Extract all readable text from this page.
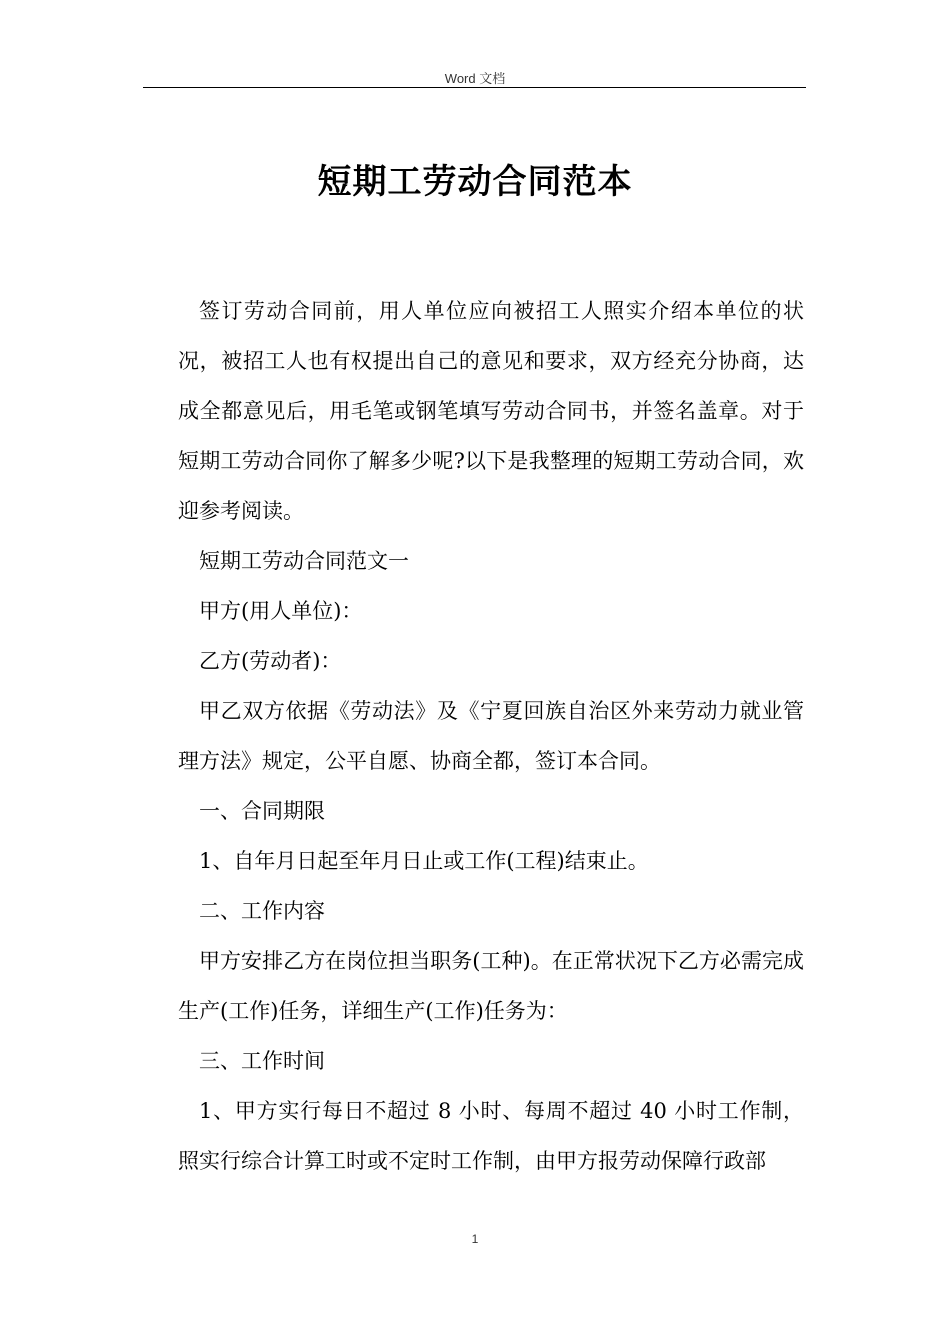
Word 文档
短期工劳动合同范本

签订劳动合同前，用人单位应向被招工人照实介绍本单位的状况，被招工人也有权提出自己的意见和要求，双方经充分协商，达成全都意见后，用毛笔或钢笔填写劳动合同书，并签名盖章。对于短期工劳动合同你了解多少呢?以下是我整理的短期工劳动合同，欢迎参考阅读。

短期工劳动合同范文一

甲方(用人单位)：

乙方(劳动者)：

甲乙双方依据《劳动法》及《宁夏回族自治区外来劳动力就业管理方法》规定，公平自愿、协商全都，签订本合同。

一、合同期限

1、自年月日起至年月日止或工作(工程)结束止。

二、工作内容

甲方安排乙方在岗位担当职务(工种)。在正常状况下乙方必需完成生产(工作)任务，详细生产(工作)任务为：

三、工作时间

1、甲方实行每日不超过 8 小时、每周不超过 40 小时工作制，照实行综合计算工时或不定时工作制，由甲方报劳动保障行政部

1
